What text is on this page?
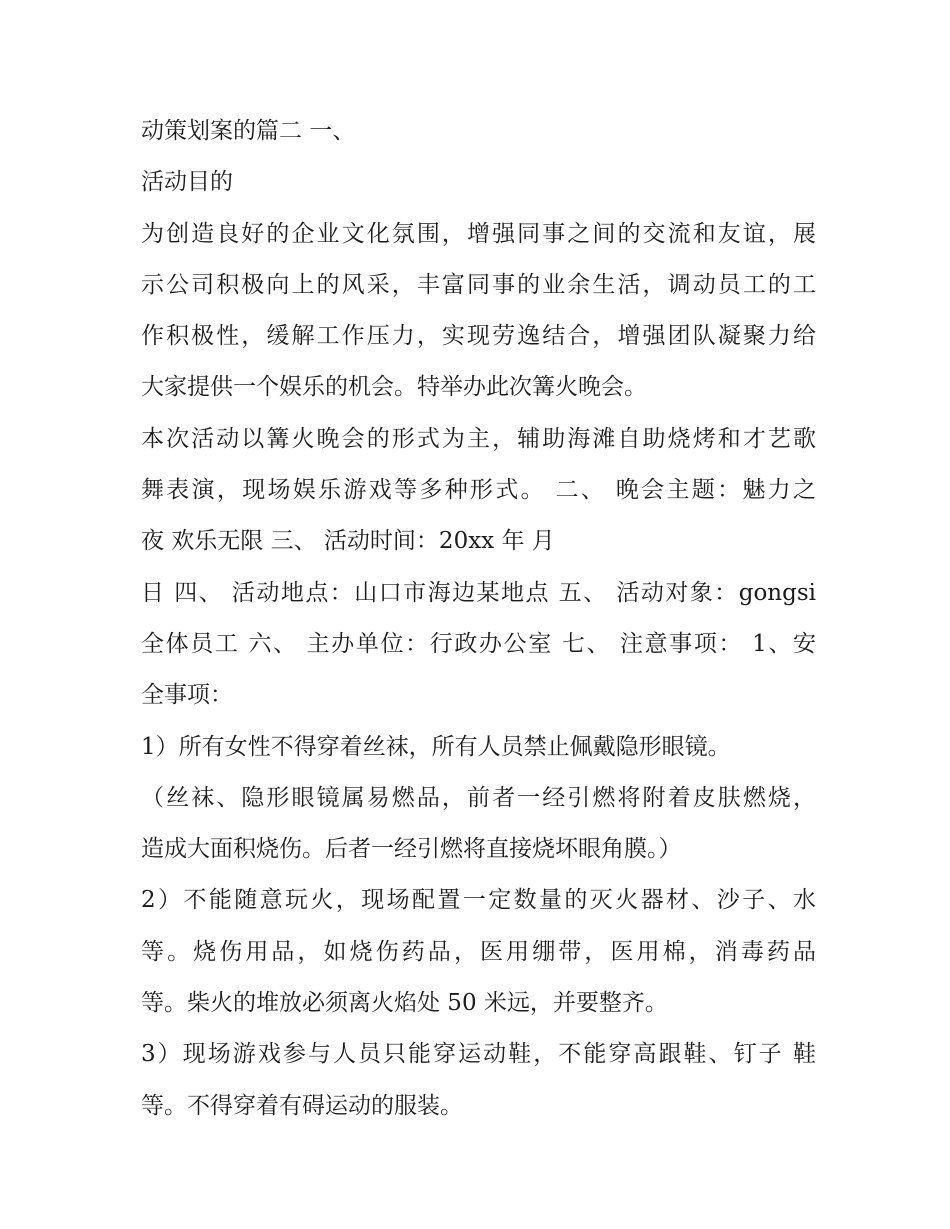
动策划案的篇二 一、
活动目的
为创造良好的企业文化氛围，增强同事之间的交流和友谊，展
示公司积极向上的风采，丰富同事的业余生活，调动员工的工
作积极性，缓解工作压力，实现劳逸结合，增强团队凝聚力给
大家提供一个娱乐的机会。特举办此次篝火晚会。
本次活动以篝火晚会的形式为主，辅助海滩自助烧烤和才艺歌
舞表演，现场娱乐游戏等多种形式。 二、 晚会主题：魅力之
夜 欢乐无限 三、 活动时间：20xx 年 月
日 四、 活动地点：山口市海边某地点 五、 活动对象：gongsi
全体员工 六、 主办单位：行政办公室 七、 注意事项： 1、安
全事项：
1）所有女性不得穿着丝袜，所有人员禁止佩戴隐形眼镜。
（丝袜、隐形眼镜属易燃品，前者一经引燃将附着皮肤燃烧，
造成大面积烧伤。后者一经引燃将直接烧坏眼角膜。）
2）不能随意玩火，现场配置一定数量的灭火器材、沙子、水
等。烧伤用品，如烧伤药品，医用绷带，医用棉，消毒药品
等。柴火的堆放必须离火焰处 50 米远，并要整齐。
3）现场游戏参与人员只能穿运动鞋，不能穿高跟鞋、钉子 鞋
等。不得穿着有碍运动的服装。
